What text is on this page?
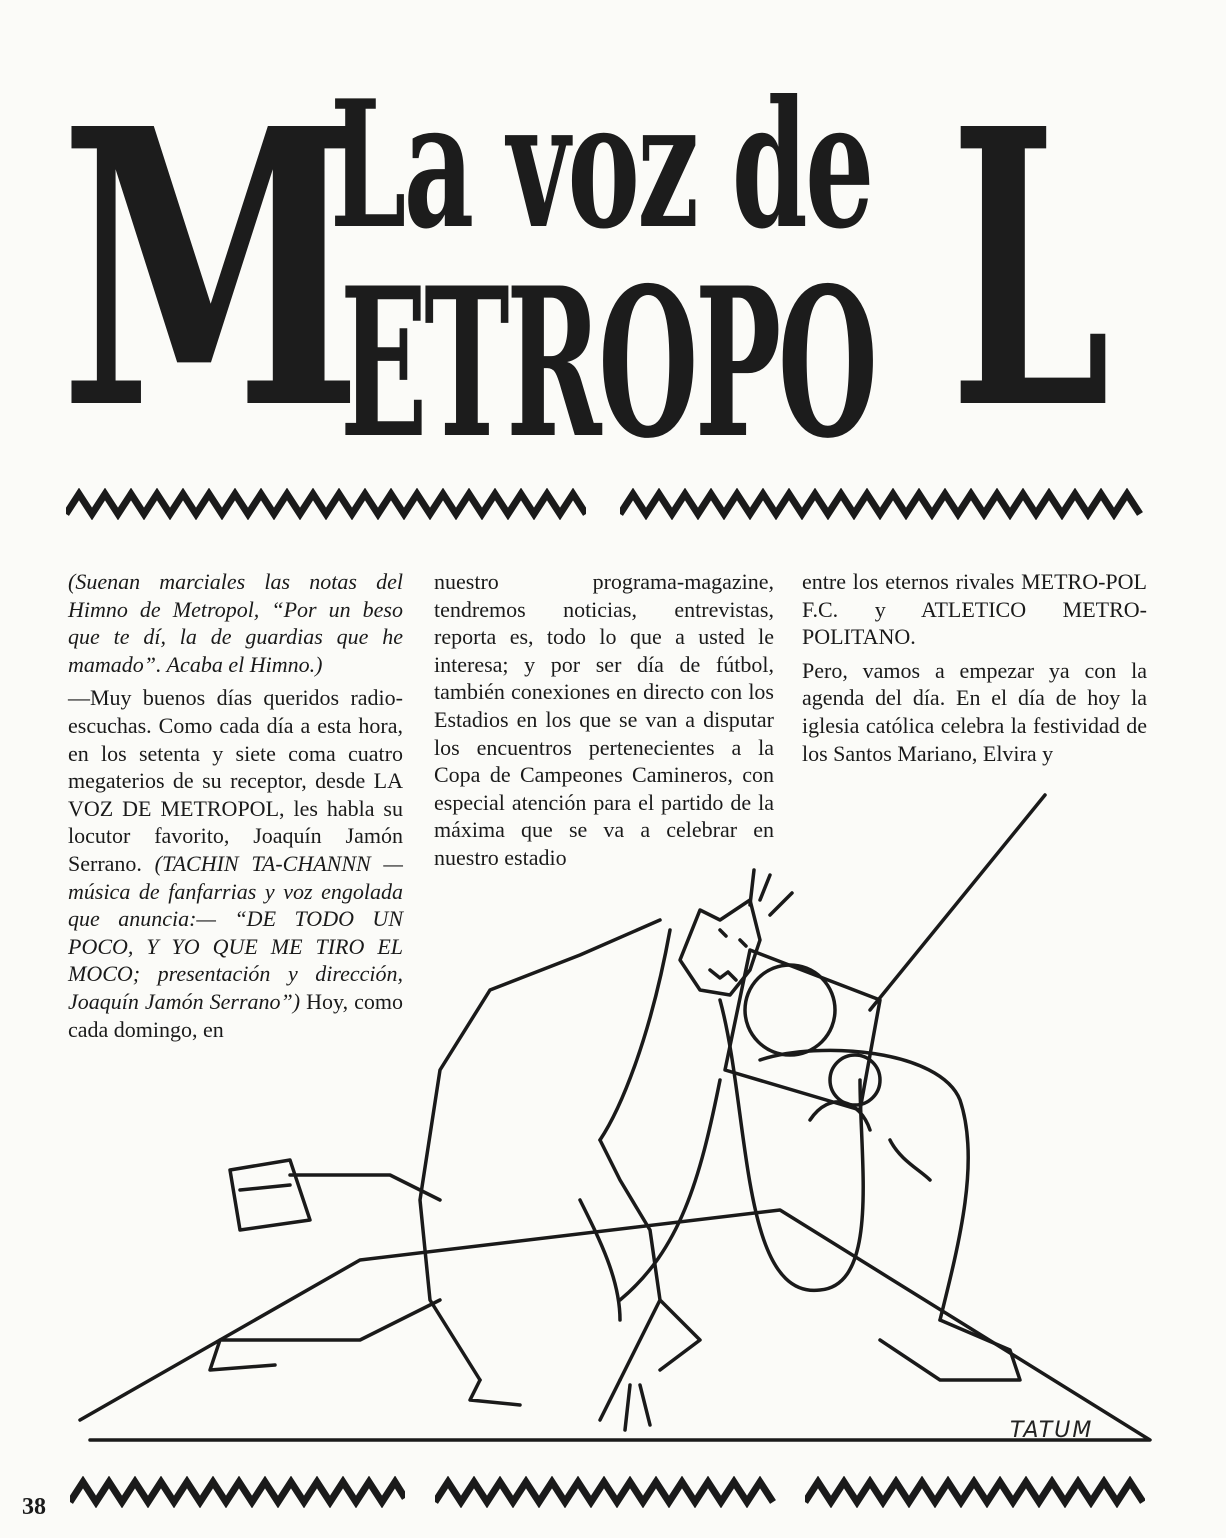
M
La voz de
ETROPO L

(Suenan marciales las notas del Himno de Metropol, “Por un beso que te dí, la de guardias que he mamado”. Acaba el Himno.)

—Muy buenos días queridos radio-escuchas. Como cada día a esta hora, en los setenta y siete coma cuatro megaterios de su receptor, desde LA VOZ DE METROPOL, les habla su locutor favorito, Joaquín Jamón Serrano. (TACHIN TA-CHANNN —música de fanfarrias y voz engolada que anuncia:— “DE TODO UN POCO, Y YO QUE ME TIRO EL MOCO; presentación y dirección, Joaquín Jamón Serrano”) Hoy, como cada domingo, en

nuestro programa-magazine, tendremos noticias, entrevistas, reporta es, todo lo que a usted le interesa; y por ser día de fútbol, también conexiones en directo con los Estadios en los que se van a disputar los encuentros pertenecientes a la Copa de Campeones Camineros, con especial atención para el partido de la máxima que se va a celebrar en nuestro estadio

entre los eternos rivales METRO-POL F.C. y ATLETICO METRO-POLITANO.

Pero, vamos a empezar ya con la agenda del día. En el día de hoy la iglesia católica celebra la festividad de los Santos Mariano, Elvira y

TATUM
38
